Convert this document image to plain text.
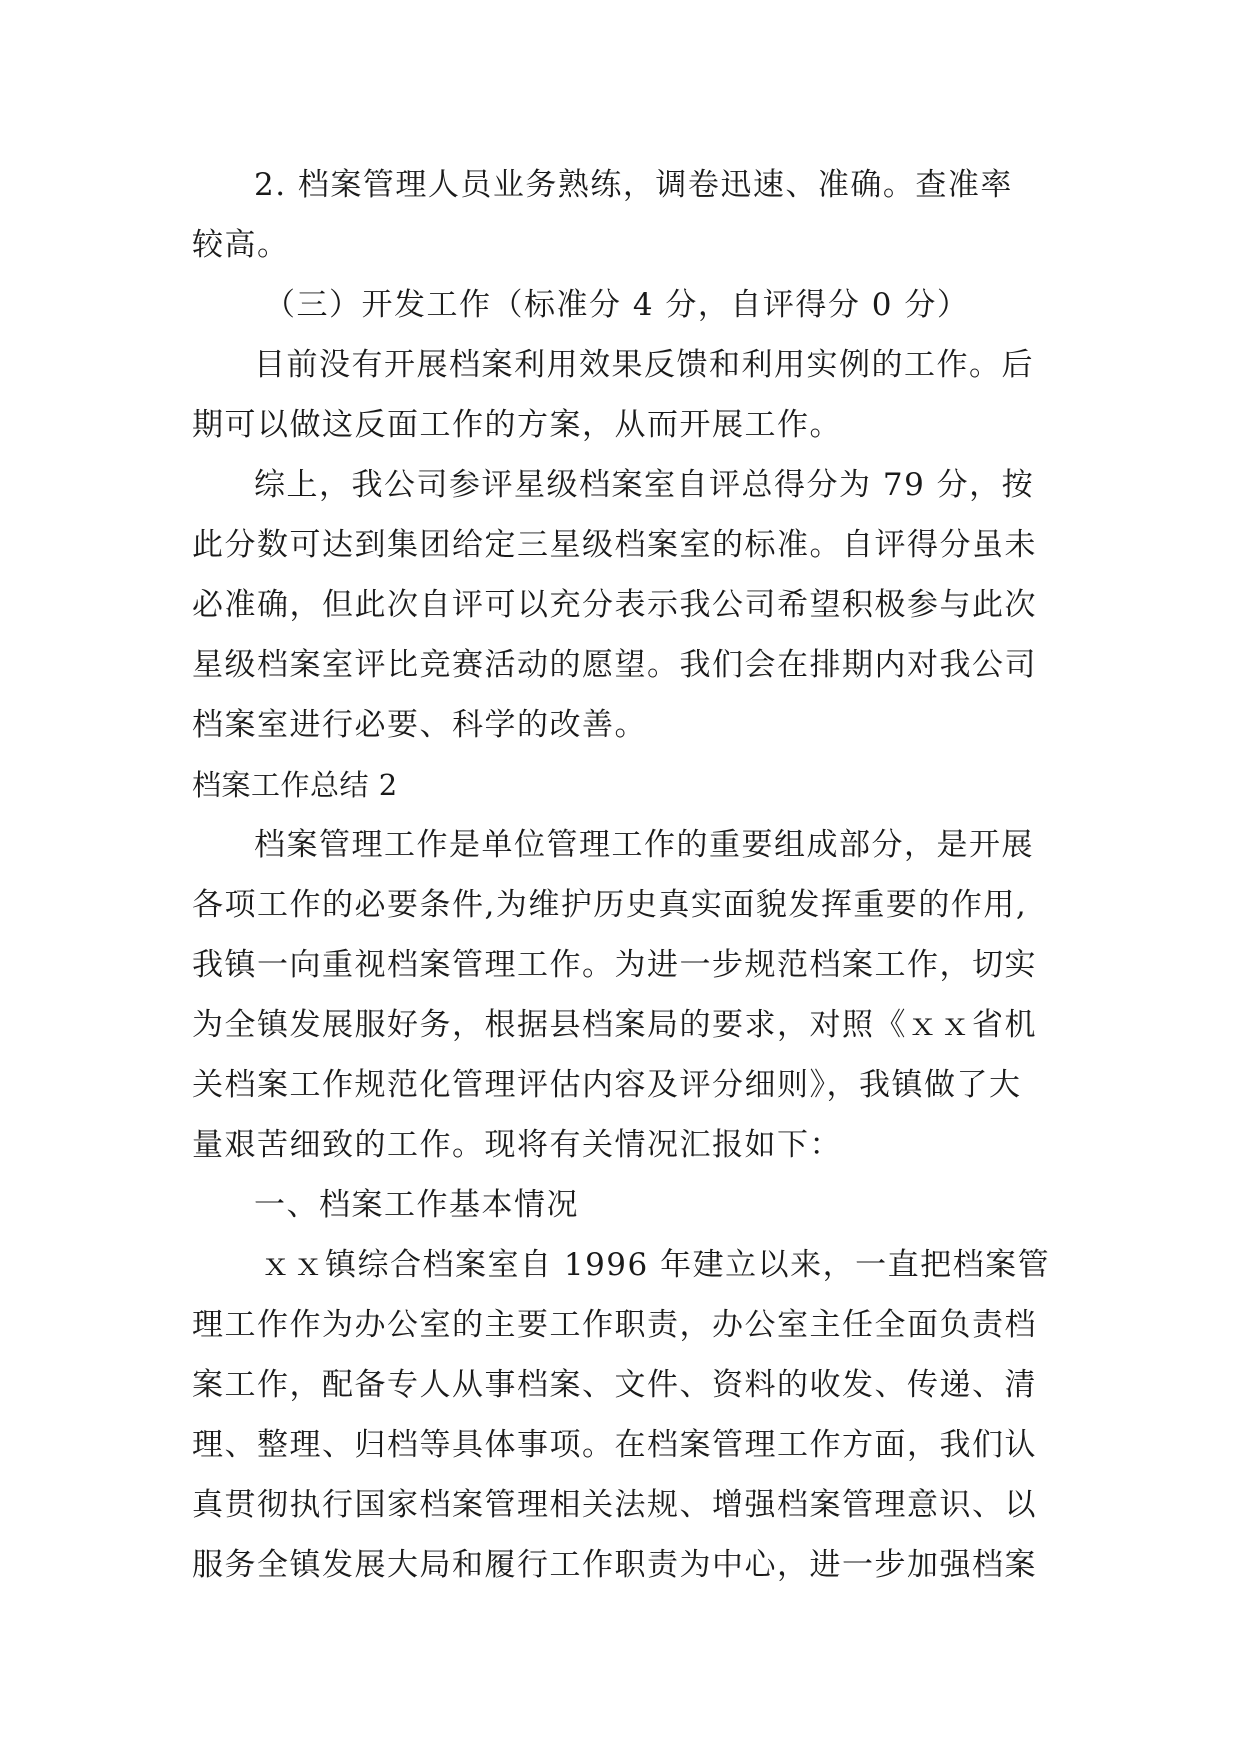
2. 档案管理人员业务熟练，调卷迅速、准确。查准率
较高。
（三）开发工作（标准分 4 分，自评得分 0 分）
目前没有开展档案利用效果反馈和利用实例的工作。后
期可以做这反面工作的方案，从而开展工作。
综上，我公司参评星级档案室自评总得分为 79 分，按
此分数可达到集团给定三星级档案室的标准。自评得分虽未
必准确，但此次自评可以充分表示我公司希望积极参与此次
星级档案室评比竞赛活动的愿望。我们会在排期内对我公司
档案室进行必要、科学的改善。
档案工作总结 2
档案管理工作是单位管理工作的重要组成部分，是开展
各项工作的必要条件,为维护历史真实面貌发挥重要的作用,
我镇一向重视档案管理工作。为进一步规范档案工作，切实
为全镇发展服好务，根据县档案局的要求，对照《ｘｘ省机
关档案工作规范化管理评估内容及评分细则》，我镇做了大
量艰苦细致的工作。现将有关情况汇报如下：
一、档案工作基本情况
ｘｘ镇综合档案室自 1996 年建立以来，一直把档案管
理工作作为办公室的主要工作职责，办公室主任全面负责档
案工作，配备专人从事档案、文件、资料的收发、传递、清
理、整理、归档等具体事项。在档案管理工作方面，我们认
真贯彻执行国家档案管理相关法规、增强档案管理意识、以
服务全镇发展大局和履行工作职责为中心，进一步加强档案
